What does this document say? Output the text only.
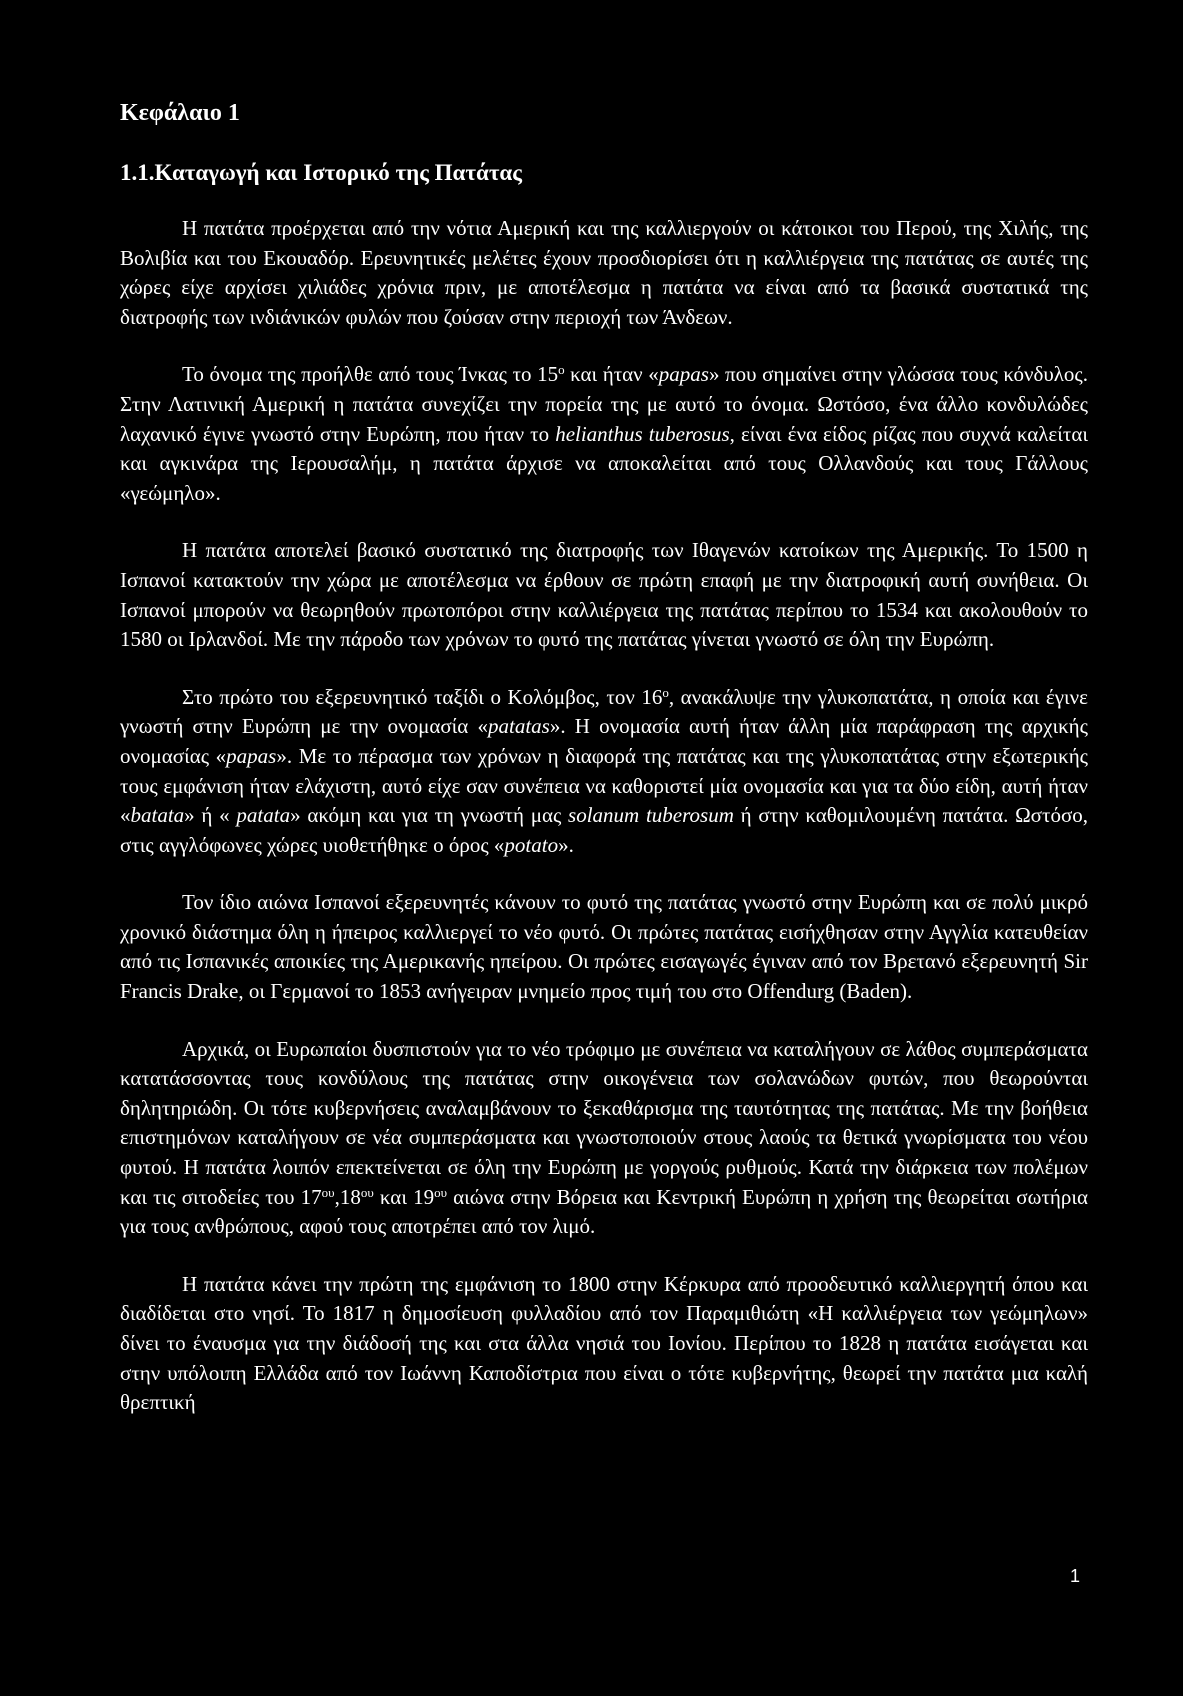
Κεφάλαιο 1
1.1.Καταγωγή και Ιστορικό της Πατάτας

Η πατάτα προέρχεται από την νότια Αμερική και της καλλιεργούν οι κάτοικοι του Περού, της Χιλής, της Βολιβία και του Εκουαδόρ. Ερευνητικές μελέτες έχουν προσδιορίσει ότι η καλλιέργεια της πατάτας σε αυτές της χώρες είχε αρχίσει χιλιάδες χρόνια πριν, με αποτέλεσμα η πατάτα να είναι από τα βασικά συστατικά της διατροφής των ινδιάνικών φυλών που ζούσαν στην περιοχή των Άνδεων.

Το όνομα της προήλθε από τους Ίνκας το $15^o$ και ήταν «papas» που σημαίνει στην γλώσσα τους κόνδυλος. Στην Λατινική Αμερική η πατάτα συνεχίζει την πορεία της με αυτό το όνομα. Ωστόσο, ένα άλλο κονδυλώδες λαχανικό έγινε γνωστό στην Ευρώπη, που ήταν το helianthus tuberosus, είναι ένα είδος ρίζας που συχνά καλείται και αγκινάρα της Ιερουσαλήμ, η πατάτα άρχισε να αποκαλείται από τους Ολλανδούς και τους Γάλλους «γεώμηλο».

Η πατάτα αποτελεί βασικό συστατικό της διατροφής των Ιθαγενών κατοίκων της Αμερικής. Το 1500 η Ισπανοί κατακτούν την χώρα με αποτέλεσμα να έρθουν σε πρώτη επαφή με την διατροφική αυτή συνήθεια. Οι Ισπανοί μπορούν να θεωρηθούν πρωτοπόροι στην καλλιέργεια της πατάτας περίπου το 1534 και ακολουθούν το 1580 οι Ιρλανδοί. Με την πάροδο των χρόνων το φυτό της πατάτας γίνεται γνωστό σε όλη την Ευρώπη.

Στο πρώτο του εξερευνητικό ταξίδι ο Κολόμβος, τον $16^o$, ανακάλυψε την γλυκοπατάτα, η οποία και έγινε γνωστή στην Ευρώπη με την ονομασία «patatas». Η ονομασία αυτή ήταν άλλη μία παράφραση της αρχικής ονομασίας «papas». Με το πέρασμα των χρόνων η διαφορά της πατάτας και της γλυκοπατάτας στην εξωτερικής τους εμφάνιση ήταν ελάχιστη, αυτό είχε σαν συνέπεια να καθοριστεί μία ονομασία και για τα δύο είδη, αυτή ήταν «batata» ή « patata» ακόμη και για τη γνωστή μας solanum tuberosum ή στην καθομιλουμένη πατάτα. Ωστόσο, στις αγγλόφωνες χώρες υιοθετήθηκε ο όρος «potato».

Τον ίδιο αιώνα Ισπανοί εξερευνητές κάνουν το φυτό της πατάτας γνωστό στην Ευρώπη και σε πολύ μικρό χρονικό διάστημα όλη η ήπειρος καλλιεργεί το νέο φυτό. Οι πρώτες πατάτας εισήχθησαν στην Αγγλία κατευθείαν από τις Ισπανικές αποικίες της Αμερικανής ηπείρου. Οι πρώτες εισαγωγές έγιναν από τον Βρετανό εξερευνητή Sir Francis Drake, οι Γερμανοί το 1853 ανήγειραν μνημείο προς τιμή του στο Offendurg (Baden).

Αρχικά, οι Ευρωπαίοι δυσπιστούν για το νέο τρόφιμο με συνέπεια να καταλήγουν σε λάθος συμπεράσματα κατατάσσοντας τους κονδύλους της πατάτας στην οικογένεια των σολανώδων φυτών, που θεωρούνται δηλητηριώδη. Οι τότε κυβερνήσεις αναλαμβάνουν το ξεκαθάρισμα της ταυτότητας της πατάτας. Με την βοήθεια επιστημόνων καταλήγουν σε νέα συμπεράσματα και γνωστοποιούν στους λαούς τα θετικά γνωρίσματα του νέου φυτού. Η πατάτα λοιπόν επεκτείνεται σε όλη την Ευρώπη με γοργούς ρυθμούς. Κατά την διάρκεια των πολέμων και τις σιτοδείες του $17^{o\upsilon},18^{o\upsilon}$ και $19^{o\upsilon}$ αιώνα στην Βόρεια και Κεντρική Ευρώπη η χρήση της θεωρείται σωτήρια για τους ανθρώπους, αφού τους αποτρέπει από τον λιμό.

Η πατάτα κάνει την πρώτη της εμφάνιση το 1800 στην Κέρκυρα από προοδευτικό καλλιεργητή όπου και διαδίδεται στο νησί. Το 1817 η δημοσίευση φυλλαδίου από τον Παραμιθιώτη «Η καλλιέργεια των γεώμηλων» δίνει το έναυσμα για την διάδοσή της και στα άλλα νησιά του Ιονίου. Περίπου το 1828 η πατάτα εισάγεται και στην υπόλοιπη Ελλάδα από τον Ιωάννη Καποδίστρια που είναι ο τότε κυβερνήτης, θεωρεί την πατάτα μια καλή θρεπτική

1
